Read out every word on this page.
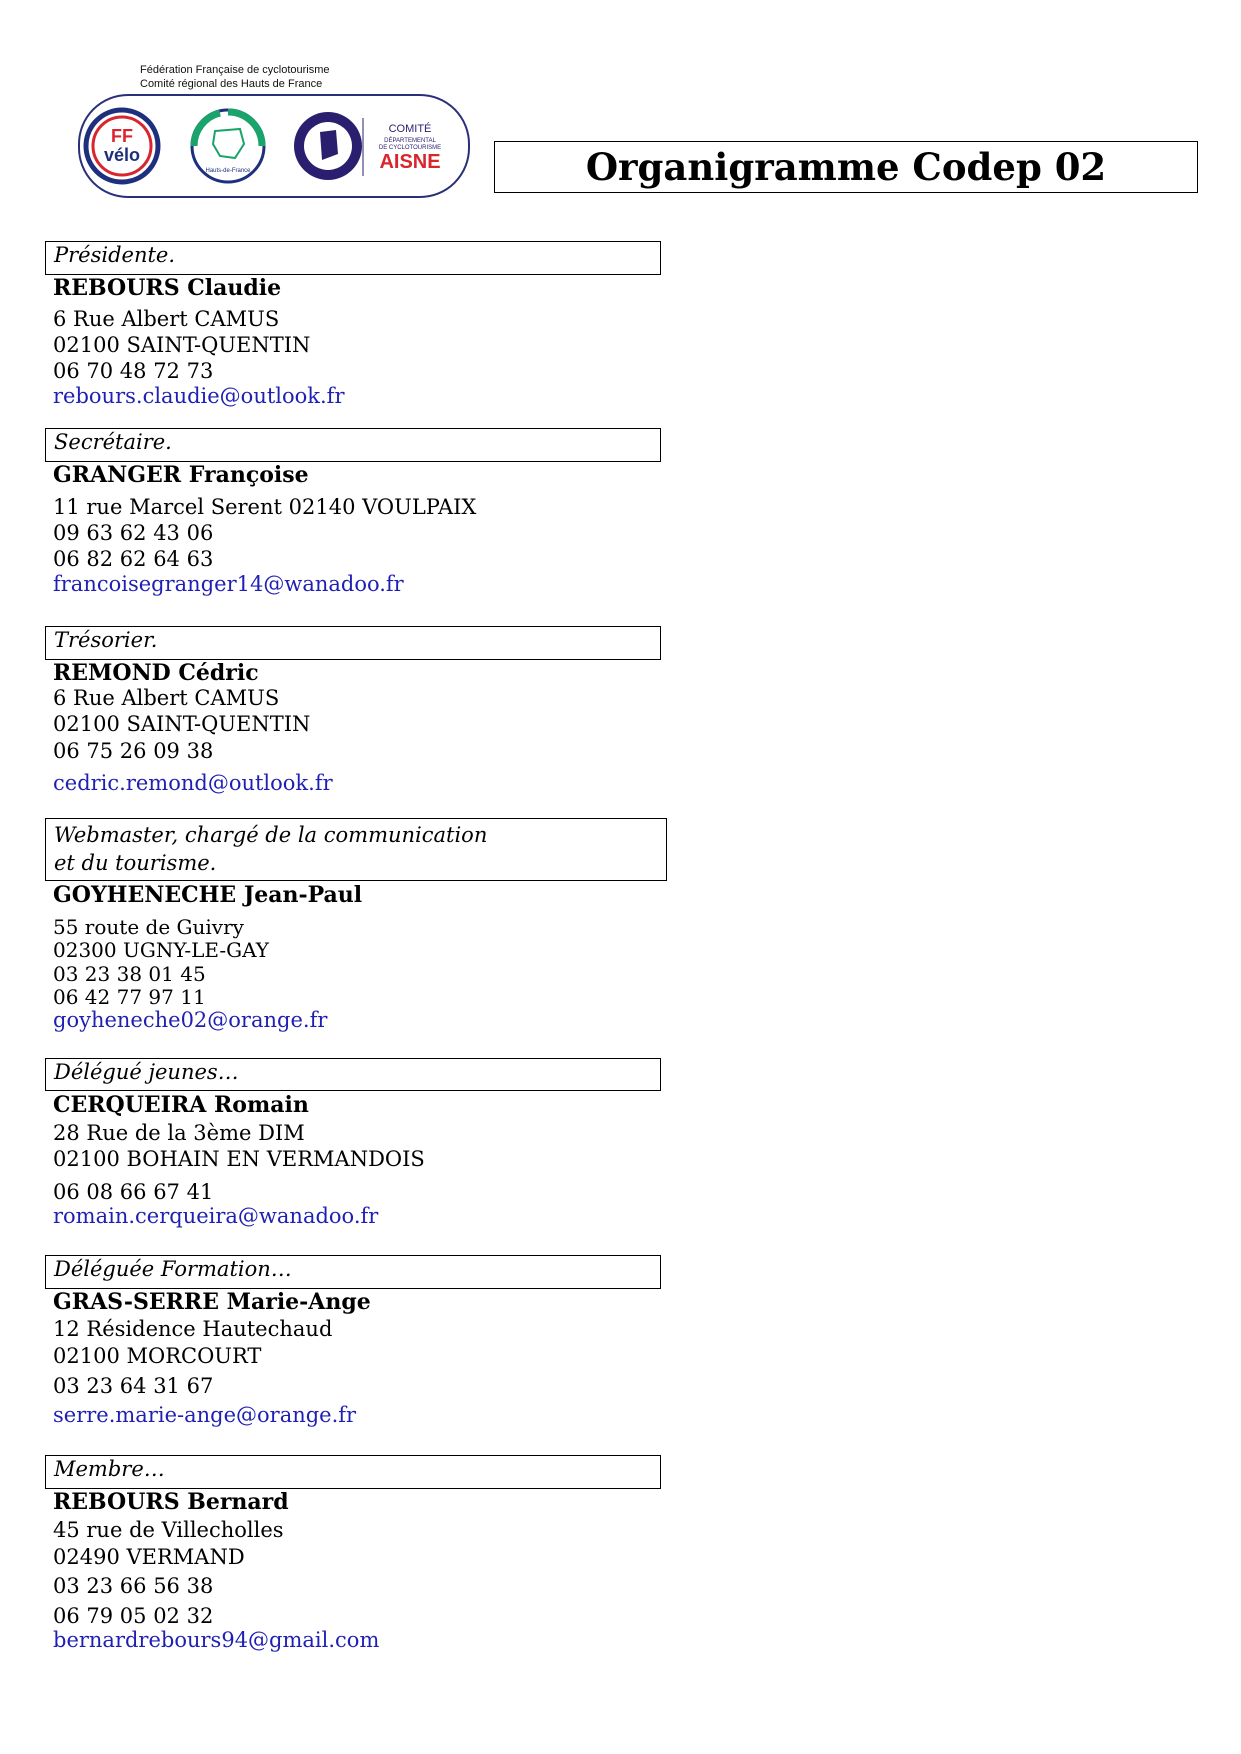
Fédération Française de cyclotourisme
Comité régional des Hauts de France
FF
vélo
Hauts-de-France
COMITÉ
DÉPARTEMENTAL
DE CYCLOTOURISME
AISNE	Organigramme Codep 02
Présidente.
REBOURS Claudie
6 Rue Albert CAMUS
02100 SAINT-QUENTIN
06 70 48 72 73
rebours.claudie@outlook.fr
Secrétaire.
GRANGER Françoise
11 rue Marcel Serent 02140 VOULPAIX
09 63 62 43 06
06 82 62 64 63
francoisegranger14@wanadoo.fr
Trésorier.
REMOND Cédric
6 Rue Albert CAMUS
02100 SAINT-QUENTIN
06 75 26 09 38
cedric.remond@outlook.fr
Webmaster, chargé de la communication
et du tourisme.
GOYHENECHE Jean-Paul
55 route de Guivry
02300 UGNY-LE-GAY
03 23 38 01 45
06 42 77 97 11
goyheneche02@orange.fr
Délégué jeunes…
CERQUEIRA Romain
28 Rue de la 3ème DIM
02100 BOHAIN EN VERMANDOIS
06 08 66 67 41
romain.cerqueira@wanadoo.fr
Déléguée Formation…
GRAS-SERRE Marie-Ange
12 Résidence Hautechaud
02100 MORCOURT
03 23 64 31 67
serre.marie-ange@orange.fr
Membre…
REBOURS Bernard
45 rue de Villecholles
02490 VERMAND
03 23 66 56 38
06 79 05 02 32
bernardrebours94@gmail.com
